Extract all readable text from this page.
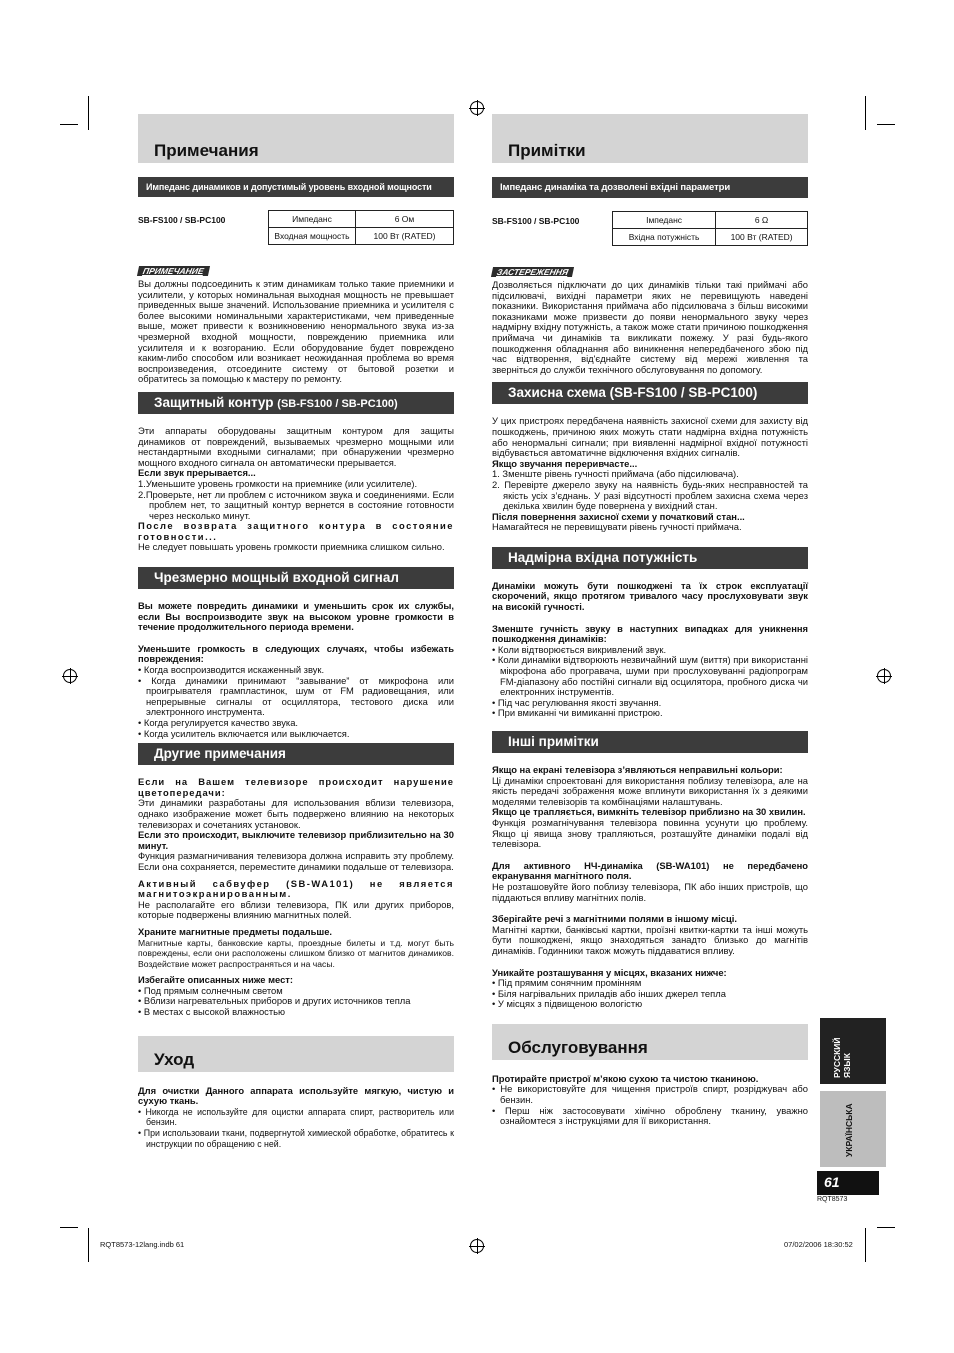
Примечания
Импеданс динамиков и допустимый уровень входной мощности
SB-FS100 / SB-PC100	Импеданс	6 Ом
Входная мощность	100 Вт (RATED)
ПРИМЕЧАНИЕ

Вы должны подсоединить к этим динамикам только такие приемники и усилители, у которых номинальная выходная мощность не превышает приведенных выше значений. Использование приемника и усилителя с более высокими номинальными характеристиками, чем приведенные выше, может привести к возникновению ненормального звука из-за чрезмерной входной мощности, повреждению приемника или усилителя и к возгоранию. Если оборудование будет повреждено каким-либо способом или возникает неожиданная проблема во время воспроизведения, отсоедините систему от бытовой розетки и обратитесь за помощью к мастеру по ремонту.

Защитный контур (SB-FS100 / SB-PC100)

Эти аппараты оборудованы защитным контуром для защиты динамиков от повреждений, вызываемых чрезмерно мощными или нестандартными входными сигналами; при обнаружении чрезмерно мощного входного сигнала он автоматически прерывается.

Если звук прерывается...

1.Уменьшите уровень громкости на приемнике (или усилителе).
2.Проверьте, нет ли проблем с источником звука и соединениями. Если проблем нет, то защитный контур вернется в состояние готовности через несколько минут.

После возврата защитного контура в состояние готовности...

Не следует повышать уровень громкости приемника слишком сильно.

Чрезмерно мощный входной сигнал

Вы можете повредить динамики и уменьшить срок их службы, если Вы воспроизводите звук на высоком уровне громкости в течение продолжительного периода времени.

Уменьшите громкость в следующих случаях, чтобы избежать повреждения:

• Когда воспроизводится искаженный звук.
• Когда динамики принимают “завывание” от микрофона или проигрывателя грампластинок, шум от FM радиовещания, или непрерывные сигналы от осциллятора, тестового диска или электронного инструмента.
• Когда регулируется качество звука.
• Когда усилитель включается или выключается.
Другие примечания

Если на Вашем телевизоре происходит нарушение цветопередачи:

Эти динамики разработаны для использования вблизи телевизора, однако изображение может быть подвержено влиянию на некоторых телевизорах и сочетаниях установок.

Если это происходит, выключите телевизор приблизительно на 30 минут.

Функция размагничивания телевизора должна исправить эту проблему. Если она сохраняется, переместите динамики подальше от телевизора.

Активный сабвуфер (SB-WA101) не является магнитоэкранированным.

Не располагайте его вблизи телевизора, ПК или других приборов, которые подвержены влиянию магнитных полей.

Храните магнитные предметы подальше.

Магнитные карты, банковские карты, проездные билеты и т.д. могут быть повреждены, если они расположены слишком близко от магнитов динамиков. Воздействие может распространяться и на часы.

Избегайте описанных ниже мест:

• Под прямым солнечным светом
• Вблизи нагревательных приборов и других источников тепла
• В местах с высокой влажностью
Уход

Для очистки Данного аппарата используйте мягкую, чистую и сухую ткань.

• Никогда не используйте для оцистки аппарата спирт, растворитель или бензин.
• При использоваии ткани, подвергнутой химиеской обработке, обратитесь к инструкции по обращению с ней.
Примітки
Імпеданс динаміка та дозволені вхідні параметри
SB-FS100 / SB-PC100	Імпеданс	6 Ω
Вхідна потужність	100 Вт (RATED)
ЗАСТЕРЕЖЕННЯ

Дозволяється підключати до цих динаміків тільки такі приймачі або підсилювачі, вихідні параметри яких не перевищують наведені показники. Використання приймача або підсилювача з більш високими показниками може призвести до появи ненормального звуку через надмірну вхідну потужність, а також може стати причиною пошкодження приймача чи динаміків та викликати пожежу. У разі будь-якого пошкодження обладнання або виникнення непередбаченого збою під час відтворення, від'єднайте систему від мережі живлення та зверніться до служби технічного обслуговування по допомогу.

Захисна схема (SB-FS100 / SB-PC100)

У цих пристроях передбачена наявність захисної схеми для захисту від пошкоджень, причиною яких можуть стати надмірна вхідна потужність або ненормальні сигнали; при виявленні надмірної вхідної потужності відбувається автоматичне відключення вхідних сигналів.

Якщо звучання переривчасте...

1. Зменште рівень гучності приймача (або підсилювача).
2. Перевірте джерело звуку на наявність будь-яких несправностей та якість усіх з’єднань. У разі відсутності проблем захисна схема через декілька хвилин буде повернена у вихідний стан.

Після повернення захисної схеми у початковий стан...

Намагайтеся не перевищувати рівень гучності приймача.

Надмірна вхідна потужність

Динаміки можуть бути пошкоджені та їх строк експлуатації скорочений, якщо протягом тривалого часу прослуховувати звук на високій гучності.

Зменште гучність звуку в наступних випадках для уникнення пошкодження динаміків:

• Коли відтворюється викривлений звук.
• Коли динаміки відтворюють незвичайний шум (виття) при використанні мікрофона або програвача, шуми при прослуховуванні радіопрограм FM-діапазону або постійні сигнали від осцилятора, пробного диска чи електронних інструментів.
• Під час регулювання якості звучання.
• При вмиканні чи вимиканні пристрою.
Інші примітки

Якщо на екрані телевізора з’являються неправильні кольори:

Ці динаміки спроектовані для використання поблизу телевізора, але на якість передачі зображення може вплинути використання їх з деякими моделями телевізорів та комбінаціями налаштувань.

Якщо це трапляється, вимкніть телевізор приблизно на 30 хвилин.

Функція розмагнічування телевізора повинна усунути цю проблему. Якщо ці явища знову трапляються, розташуйте динаміки подалі від телевізора.

Для активного НЧ-динаміка (SB-WA101) не передбачено екранування магнітного поля.

Не розташовуйте його поблизу телевізора, ПК або інших пристроїв, що піддаються впливу магнітних полів.

Зберігайте речі з магнітними полями в іншому місці.

Магнітні картки, банківські картки, проїзні квитки-картки та інші можуть бути пошкоджені, якщо знаходяться занадто близько до магнітів динаміків. Годинники також можуть піддаватися впливу.

Уникайте розташування у місцях, вказаних нижче:

• Під прямим сонячним промінням
• Біля нагрівальних приладів або інших джерел тепла
• У місцях з підвищеною вологістю
Обслуговування

Протирайте пристрої м’якою сухою та чистою тканиною.

• Не використовуйте для чищення пристроїв спирт, розріджувач або бензин.
• Перш ніж застосовувати хімічно оброблену тканину, уважно ознайомтеся з інструкціями для її використання.
РУССКИЙ
ЯЗЫК
УКРАЇНСЬКА
61
RQT8573
RQT8573-12lang.indb 61	07/02/2006 18:30:52
